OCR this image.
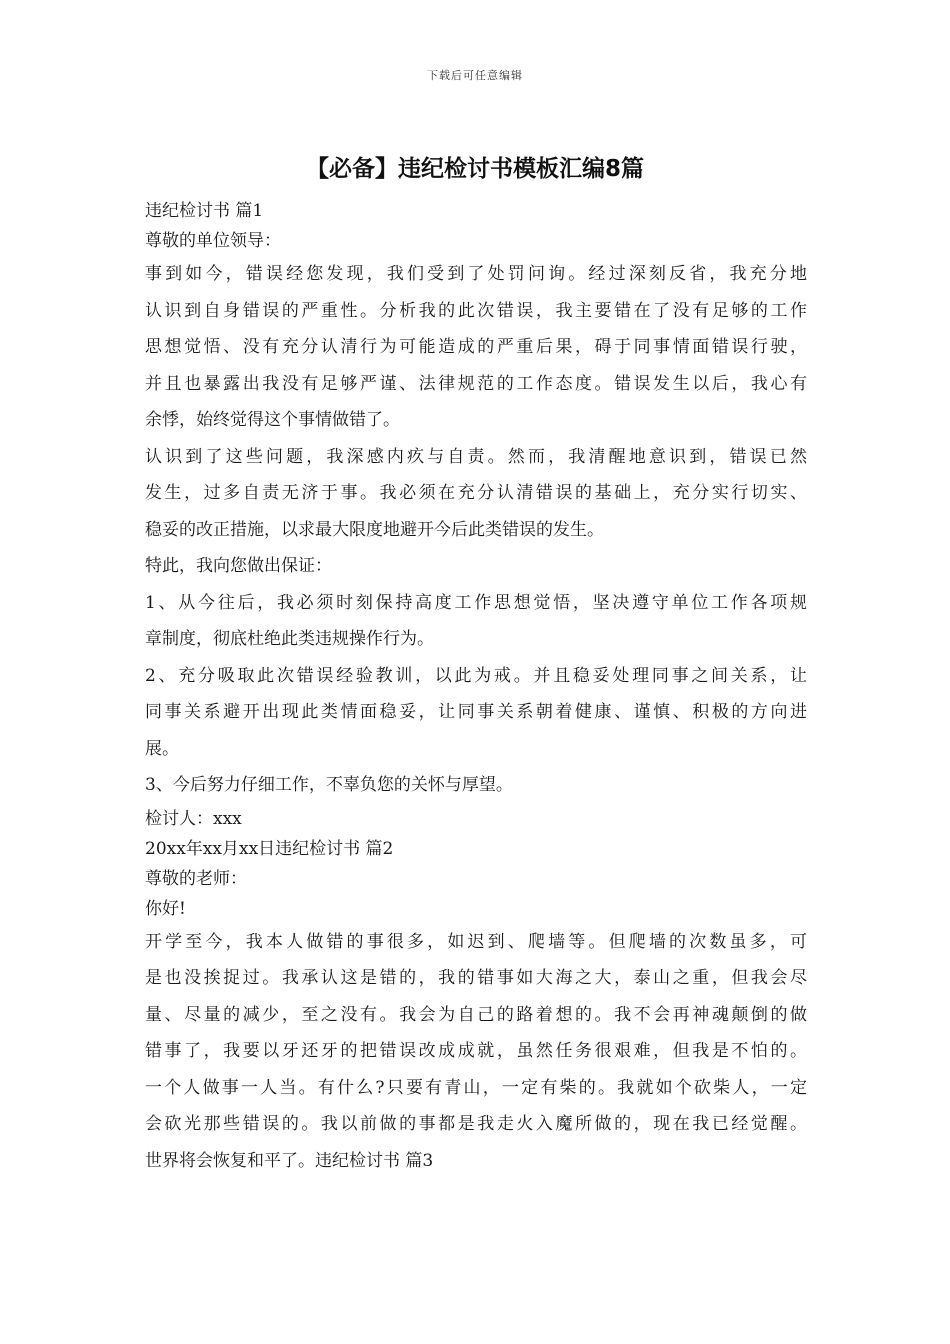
下载后可任意编辑
【必备】违纪检讨书模板汇编8篇
违纪检讨书 篇1
尊敬的单位领导：
事到如今，错误经您发现，我们受到了处罚问询。经过深刻反省，我充分地
认识到自身错误的严重性。分析我的此次错误，我主要错在了没有足够的工作
思想觉悟、没有充分认清行为可能造成的严重后果，碍于同事情面错误行驶，
并且也暴露出我没有足够严谨、法律规范的工作态度。错误发生以后，我心有
余悸，始终觉得这个事情做错了。
认识到了这些问题，我深感内疚与自责。然而，我清醒地意识到，错误已然
发生，过多自责无济于事。我必须在充分认清错误的基础上，充分实行切实、
稳妥的改正措施，以求最大限度地避开今后此类错误的发生。
特此，我向您做出保证：
1、从今往后，我必须时刻保持高度工作思想觉悟，坚决遵守单位工作各项规
章制度，彻底杜绝此类违规操作行为。
2、充分吸取此次错误经验教训，以此为戒。并且稳妥处理同事之间关系，让
同事关系避开出现此类情面稳妥，让同事关系朝着健康、谨慎、积极的方向进
展。
3、今后努力仔细工作，不辜负您的关怀与厚望。
检讨人：xxx
20xx年xx月xx日违纪检讨书 篇2
尊敬的老师：
你好!
开学至今，我本人做错的事很多，如迟到、爬墙等。但爬墙的次数虽多，可
是也没挨捉过。我承认这是错的，我的错事如大海之大，泰山之重，但我会尽
量、尽量的减少，至之没有。我会为自己的路着想的。我不会再神魂颠倒的做
错事了，我要以牙还牙的把错误改成成就，虽然任务很艰难，但我是不怕的。
一个人做事一人当。有什么?只要有青山，一定有柴的。我就如个砍柴人，一定
会砍光那些错误的。我以前做的事都是我走火入魔所做的，现在我已经觉醒。
世界将会恢复和平了。违纪检讨书 篇3
